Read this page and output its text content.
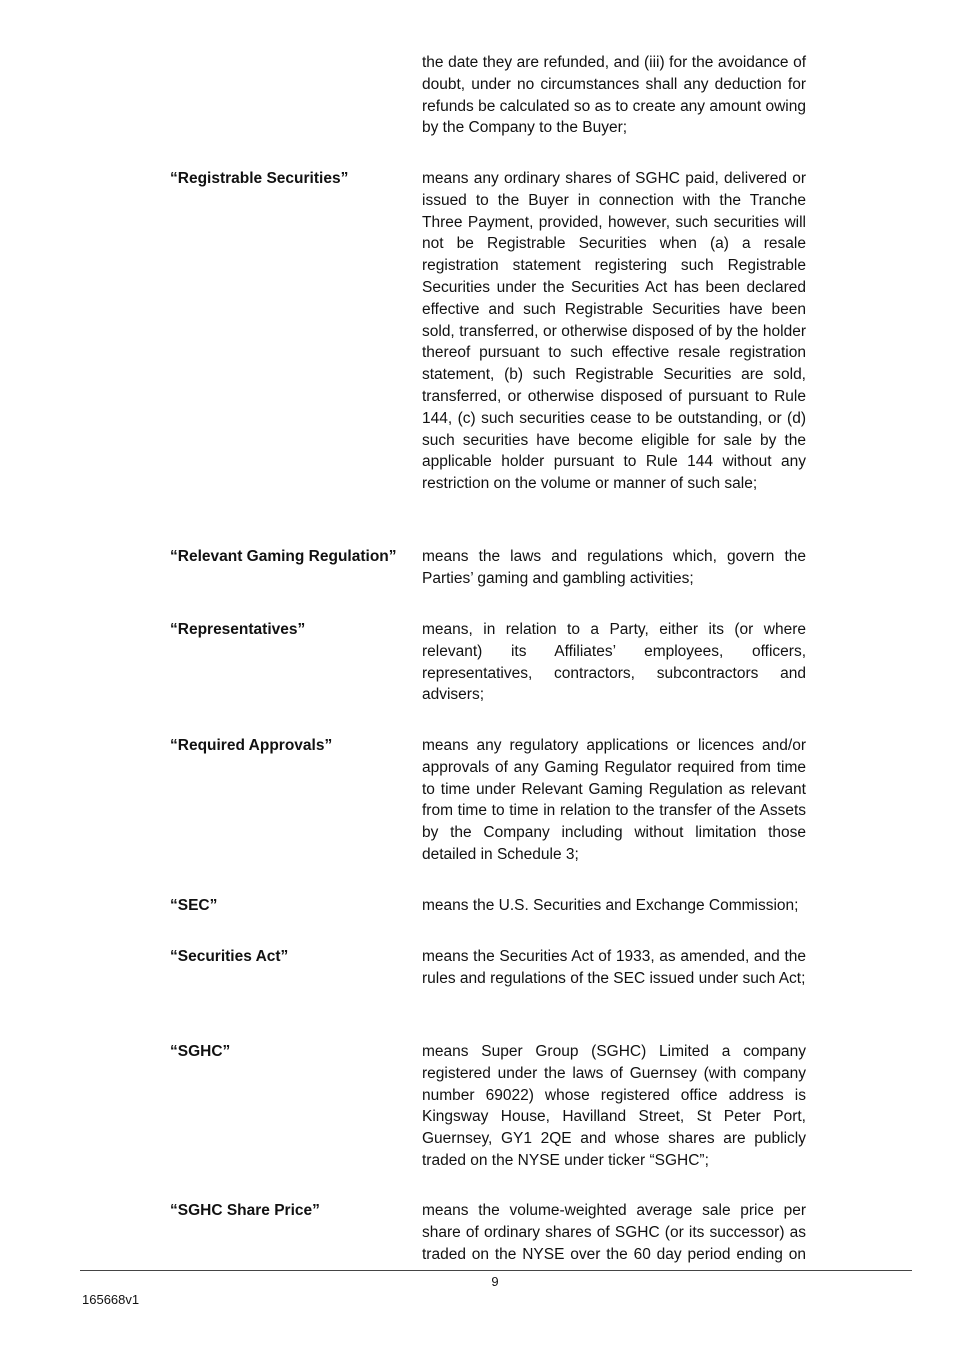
the date they are refunded, and (iii) for the avoidance of doubt, under no circumstances shall any deduction for refunds be calculated so as to create any amount owing by the Company to the Buyer;
“Registrable Securities”	means any ordinary shares of SGHC paid, delivered or issued to the Buyer in connection with the Tranche Three Payment, provided, however, such securities will not be Registrable Securities when (a) a resale registration statement registering such Registrable Securities under the Securities Act has been declared effective and such Registrable Securities have been sold, transferred, or otherwise disposed of by the holder thereof pursuant to such effective resale registration statement, (b) such Registrable Securities are sold, transferred, or otherwise disposed of pursuant to Rule 144, (c) such securities cease to be outstanding, or (d) such securities have become eligible for sale by the applicable holder pursuant to Rule 144 without any restriction on the volume or manner of such sale;
“Relevant Gaming Regulation”	means the laws and regulations which, govern the Parties’ gaming and gambling activities;
“Representatives”	means, in relation to a Party, either its (or where relevant) its Affiliates’ employees, officers, representatives, contractors, subcontractors and advisers;
“Required Approvals”	means any regulatory applications or licences and/or approvals of any Gaming Regulator required from time to time under Relevant Gaming Regulation as relevant from time to time in relation to the transfer of the Assets by the Company including without limitation those detailed in Schedule 3;
“SEC”	means the U.S. Securities and Exchange Commission;
“Securities Act”	means the Securities Act of 1933, as amended, and the rules and regulations of the SEC issued under such Act;
“SGHC”	means Super Group (SGHC) Limited a company registered under the laws of Guernsey (with company number 69022) whose registered office address is Kingsway House, Havilland Street, St Peter Port, Guernsey, GY1 2QE and whose shares are publicly traded on the NYSE under ticker “SGHC”;
“SGHC Share Price”	means the volume-weighted average sale price per share of ordinary shares of SGHC (or its successor) as traded on the NYSE over the 60 day period ending on
9
165668v1
